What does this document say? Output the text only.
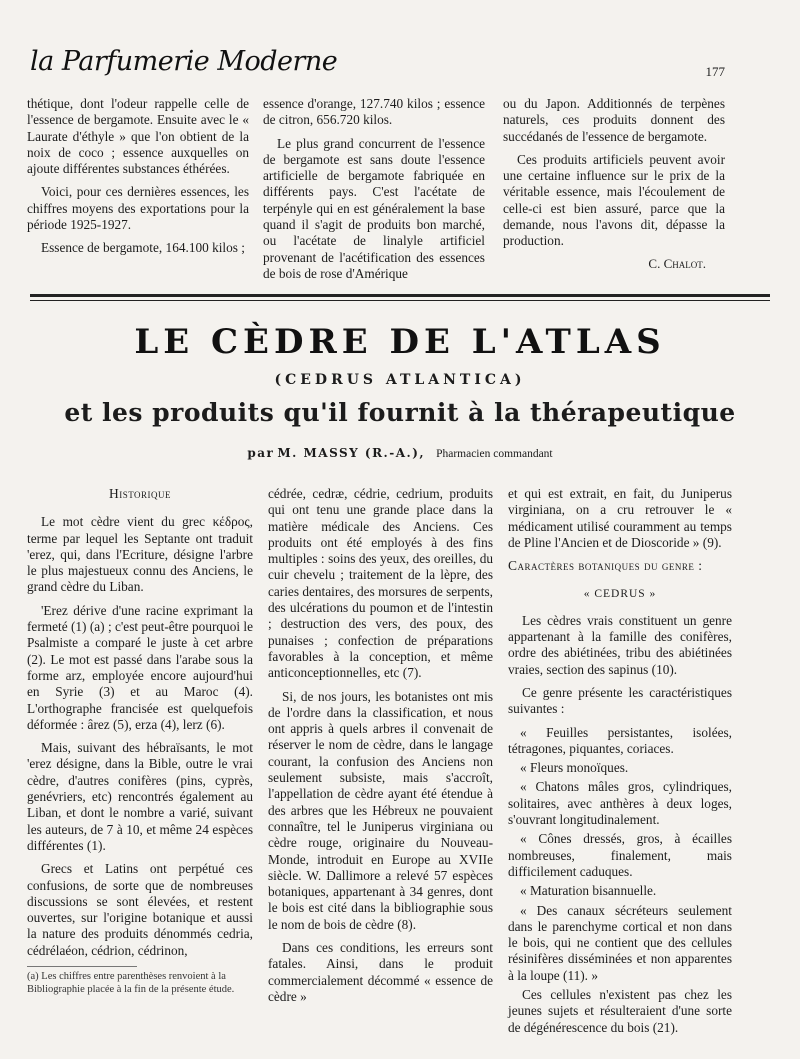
la Parfumerie Moderne	177

thétique, dont l'odeur rappelle celle de l'essence de bergamote. Ensuite avec le « Laurate d'éthyle » que l'on obtient de la noix de coco ; essence auxquelles on ajoute différentes substances éthérées.

Voici, pour ces dernières essences, les chiffres moyens des exportations pour la période 1925-1927.

Essence de bergamote, 164.100 kilos ;

essence d'orange, 127.740 kilos ; essence de citron, 656.720 kilos.

Le plus grand concurrent de l'essence de bergamote est sans doute l'essence artificielle de bergamote fabriquée en différents pays. C'est l'acétate de terpényle qui en est généralement la base quand il s'agit de produits bon marché, ou l'acétate de linalyle artificiel provenant de l'acétification des essences de bois de rose d'Amérique

ou du Japon. Additionnés de terpènes naturels, ces produits donnent des succédanés de l'essence de bergamote.

Ces produits artificiels peuvent avoir une certaine influence sur le prix de la véritable essence, mais l'écoulement de celle-ci est bien assuré, parce que la demande, nous l'avons dit, dépasse la production.

C. Chalot.
LE CÈDRE DE L'ATLAS
(CEDRUS ATLANTICA)
et les produits qu'il fournit à la thérapeutique
par M. MASSY (R.-A.), Pharmacien commandant
Historique

Le mot cèdre vient du grec κέδρος, terme par lequel les Septante ont traduit 'erez, qui, dans l'Ecriture, désigne l'arbre le plus majestueux connu des Anciens, le grand cèdre du Liban.

'Erez dérive d'une racine exprimant la fermeté (1) (a) ; c'est peut-être pourquoi le Psalmiste a comparé le juste à cet arbre (2). Le mot est passé dans l'arabe sous la forme arz, employée encore aujourd'hui en Syrie (3) et au Maroc (4). L'orthographe francisée est quelquefois déformée : ârez (5), erza (4), lerz (6).

Mais, suivant des hébraïsants, le mot 'erez désigne, dans la Bible, outre le vrai cèdre, d'autres conifères (pins, cyprès, genévriers, etc) rencontrés également au Liban, et dont le nombre a varié, suivant les auteurs, de 7 à 10, et même 24 espèces différentes (1).

Grecs et Latins ont perpétué ces confusions, de sorte que de nombreuses discussions se sont élevées, et restent ouvertes, sur l'origine botanique et aussi la nature des produits dénommés cedria, cédrélaéon, cédrion, cédrinon,

(a) Les chiffres entre parenthèses renvoient à la Bibliographie placée à la fin de la présente étude.

cédrée, cedræ, cédrie, cedrium, produits qui ont tenu une grande place dans la matière médicale des Anciens. Ces produits ont été employés à des fins multiples : soins des yeux, des oreilles, du cuir chevelu ; traitement de la lèpre, des caries dentaires, des morsures de serpents, des ulcérations du poumon et de l'intestin ; destruction des vers, des poux, des punaises ; confection de préparations favorables à la conception, et même anticonceptionnelles, etc (7).

Si, de nos jours, les botanistes ont mis de l'ordre dans la classification, et nous ont appris à quels arbres il convenait de réserver le nom de cèdre, dans le langage courant, la confusion des Anciens non seulement subsiste, mais s'accroît, l'appellation de cèdre ayant été étendue à des arbres que les Hébreux ne pouvaient connaître, tel le Juniperus virginiana ou cèdre rouge, originaire du Nouveau-Monde, introduit en Europe au XVIIe siècle. W. Dallimore a relevé 57 espèces botaniques, appartenant à 34 genres, dont le bois est cité dans la bibliographie sous le nom de bois de cèdre (8).

Dans ces conditions, les erreurs sont fatales. Ainsi, dans le produit commercialement décommé « essence de cèdre »

et qui est extrait, en fait, du Juniperus virginiana, on a cru retrouver le « médicament utilisé couramment au temps de Pline l'Ancien et de Dioscoride » (9).

Caractères botaniques du genre :
« CEDRUS »

Les cèdres vrais constituent un genre appartenant à la famille des conifères, ordre des abiétinées, tribu des abiétinées vraies, section des sapinus (10).

Ce genre présente les caractéristiques suivantes :

« Feuilles persistantes, isolées, tétragones, piquantes, coriaces.

« Fleurs monoïques.

« Chatons mâles gros, cylindriques, solitaires, avec anthères à deux loges, s'ouvrant longitudinalement.

« Cônes dressés, gros, à écailles nombreuses, finalement, mais difficilement caduques.

« Maturation bisannuelle.

« Des canaux sécréteurs seulement dans le parenchyme cortical et non dans le bois, qui ne contient que des cellules résinifères disséminées et non apparentes à la loupe (11). »

Ces cellules n'existent pas chez les jeunes sujets et résulteraient d'une sorte de dégénérescence du bois (21).
